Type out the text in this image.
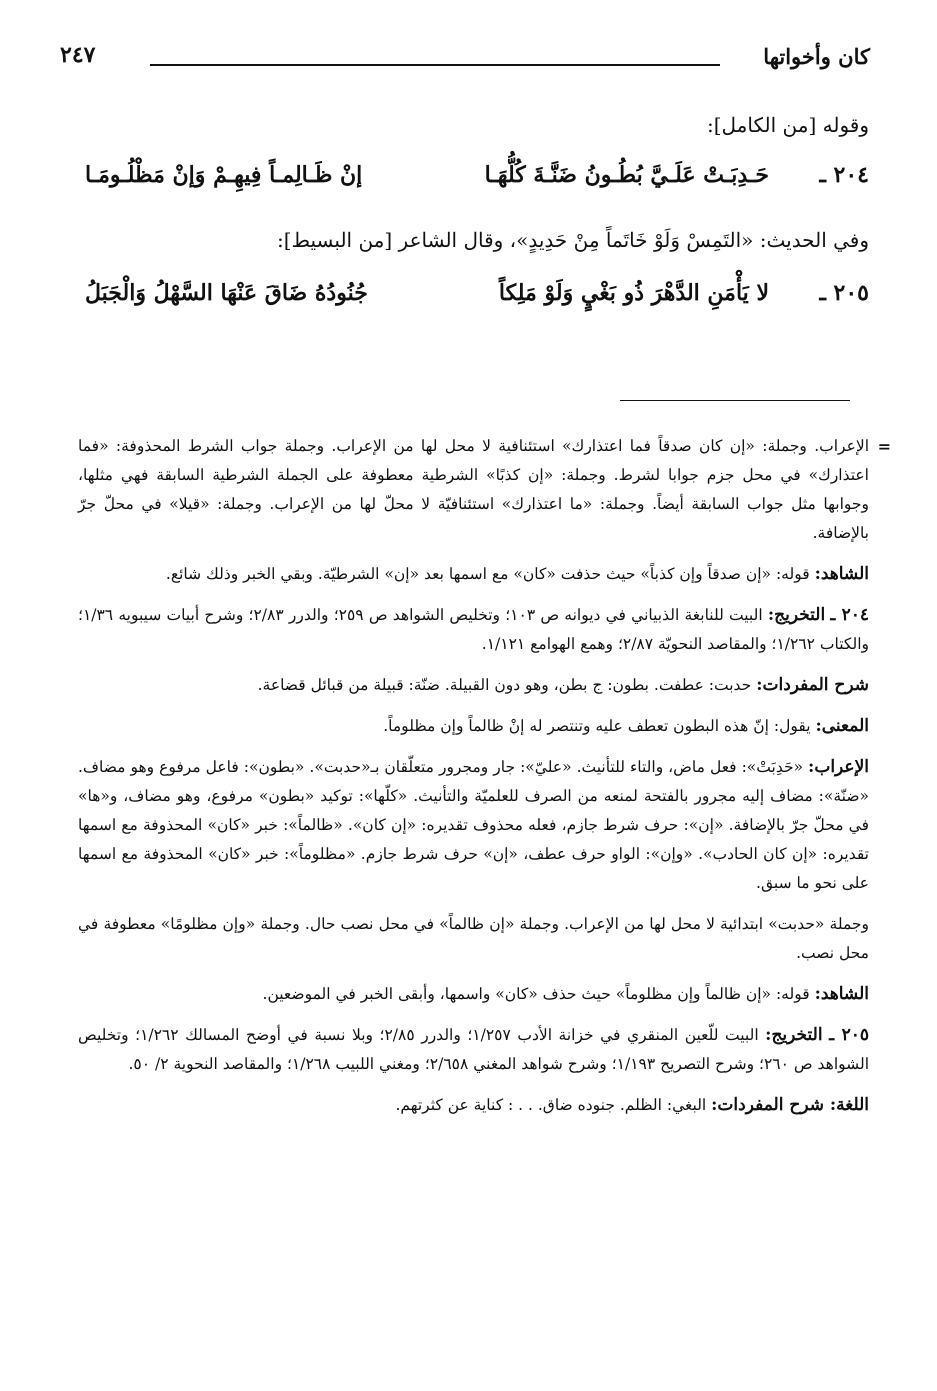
كان وأخواتها
٢٤٧
وقوله [من الكامل]:
٢٠٤ ـ
حَـدِبَـتْ عَلَـيَّ بُطُـونُ ضَنَّـةَ كُلُّهَـا
إنْ ظَـالِمـاً فِيهِـمْ وَإنْ مَظْلُـومَـا
وفي الحديث: «التَمِسْ وَلَوْ خَاتَماً مِنْ حَدِيدٍ»، وقال الشاعر [من البسيط]:
٢٠٥ ـ
لا يَأْمَنِ الدَّهْرَ ذُو بَغْيٍ وَلَوْ مَلِكاً
جُنُودُهُ ضَاقَ عَنْهَا السَّهْلُ وَالْجَبَلُ
=

الإعراب. وجملة: «إن كان صدقاً فما اعتذارك» استئنافية لا محل لها من الإعراب. وجملة جواب الشرط المحذوفة: «فما اعتذارك» في محل جزم جوابا لشرط. وجملة: «إن كذبًا» الشرطية معطوفة على الجملة الشرطية السابقة فهي مثلها، وجوابها مثل جواب السابقة أيضاً. وجملة: «ما اعتذارك» استئنافيّة لا محلّ لها من الإعراب. وجملة: «قيلا» في محلّ جرّ بالإضافة.

الشاهد: قوله: «إن صدقاً وإن كذباً» حيث حذفت «كان» مع اسمها بعد «إن» الشرطيّة. وبقي الخبر وذلك شائع.

٢٠٤ ـ التخريج: البيت للنابغة الذبياني في ديوانه ص ١٠٣؛ وتخليص الشواهد ص ٢٥٩؛ والدرر ٢/٨٣؛ وشرح أبيات سيبويه ١/٣٦؛ والكتاب ١/٢٦٢؛ والمقاصد النحويّة ٢/٨٧؛ وهمع الهوامع ١/١٢١.

شرح المفردات: حدبت: عطفت. بطون: ج بطن، وهو دون القبيلة. ضنّة: قبيلة من قبائل قضاعة.

المعنى: يقول: إنّ هذه البطون تعطف عليه وتنتصر له إنْ ظالماً وإن مظلوماً.

الإعراب: «حَدِبَتْ»: فعل ماض، والتاء للتأنيث. «عليّ»: جار ومجرور متعلّقان بـ«حدبت». «بطون»: فاعل مرفوع وهو مضاف. «ضنّة»: مضاف إليه مجرور بالفتحة لمنعه من الصرف للعلميّة والتأنيث. «كلّها»: توكيد «بطون» مرفوع، وهو مضاف، و«ها» في محلّ جرّ بالإضافة. «إن»: حرف شرط جازم، فعله محذوف تقديره: «إن كان». «ظالماً»: خبر «كان» المحذوفة مع اسمها تقديره: «إن كان الحادب». «وإن»: الواو حرف عطف، «إن» حرف شرط جازم. «مظلوماً»: خبر «كان» المحذوفة مع اسمها على نحو ما سبق.

وجملة «حدبت» ابتدائية لا محل لها من الإعراب. وجملة «إن ظالماً» في محل نصب حال. وجملة «وإن مظلومًا» معطوفة في محل نصب.

الشاهد: قوله: «إن ظالماً وإن مظلوماً» حيث حذف «كان» واسمها، وأبقى الخبر في الموضعين.

٢٠٥ ـ التخريج: البيت للّعين المنقري في خزانة الأدب ١/٢٥٧؛ والدرر ٢/٨٥؛ وبلا نسبة في أوضح المسالك ١/٢٦٢؛ وتخليص الشواهد ص ٢٦٠؛ وشرح التصريح ١/١٩٣؛ وشرح شواهد المغني ٢/٦٥٨؛ ومغني اللبيب ١/٢٦٨؛ والمقاصد النحوية ٢/ ٥٠.

اللغة: شرح المفردات: البغي: الظلم. جنوده ضاق. . . : كناية عن كثرتهم.
